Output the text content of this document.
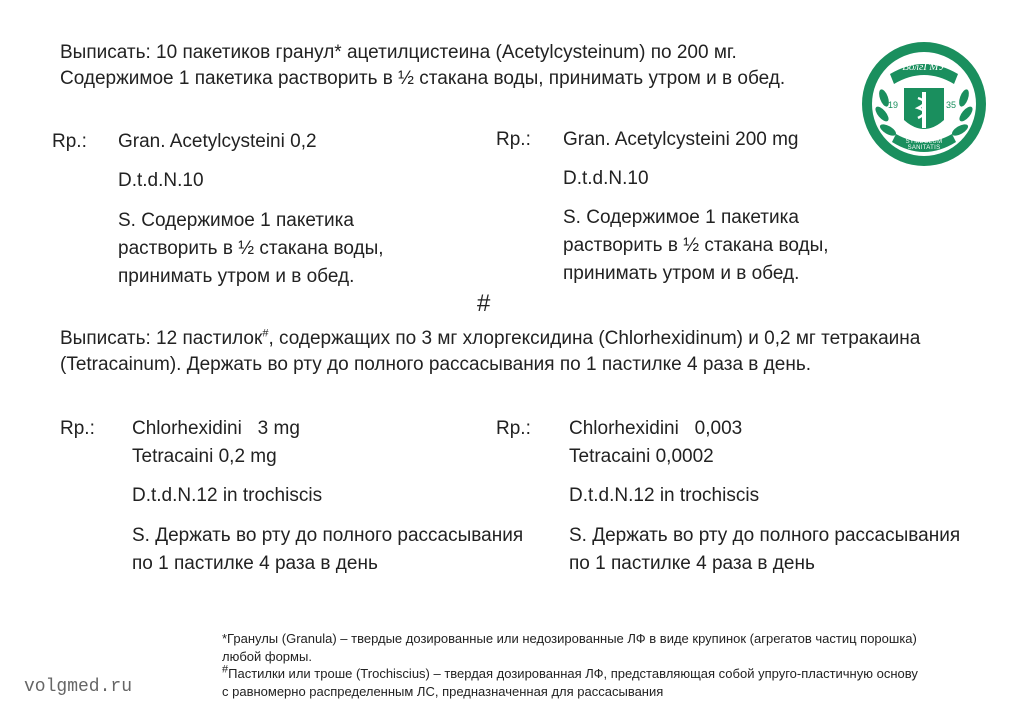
Выписать: 10 пакетиков гранул* ацетилцистеина (Acetylcysteinum) по 200 мг. Содержимое 1 пакетика растворить в ½ стакана воды, принимать утром и в обед.
ВолгГМУ
19	35
SYMBOLUM SANITATIS
Rp.: Gran. Acetylcysteini 0,2
D.t.d.N.10
S. Содержимое 1 пакетика растворить в ½ стакана воды, принимать утром и в обед.
Rp.: Gran. Acetylcysteini 200 mg
D.t.d.N.10
S. Содержимое 1 пакетика растворить в ½ стакана воды, принимать утром и в обед.
#
Выписать: 12 пастилок#, содержащих по 3 мг хлоргексидина (Chlorhexidinum) и 0,2 мг тетракаина (Tetracainum). Держать во рту до полного рассасывания по 1 пастилке 4 раза в день.
Rp.: Chlorhexidini   3 mg
Tetracaini 0,2 mg
D.t.d.N.12 in trochiscis
S. Держать во рту до полного рассасывания по 1 пастилке 4 раза в день
Rp.: Chlorhexidini   0,003
Tetracaini 0,0002
D.t.d.N.12 in trochiscis
S. Держать во рту до полного рассасывания по 1 пастилке 4 раза в день
*Гранулы (Granula) – твердые дозированные или недозированные ЛФ в виде крупинок (агрегатов частиц порошка) любой формы.
#Пастилки или троше (Trochiscius) – твердая дозированная ЛФ, представляющая собой упруго-пластичную основу с равномерно распределенным ЛС, предназначенная для рассасывания
volgmed.ru
